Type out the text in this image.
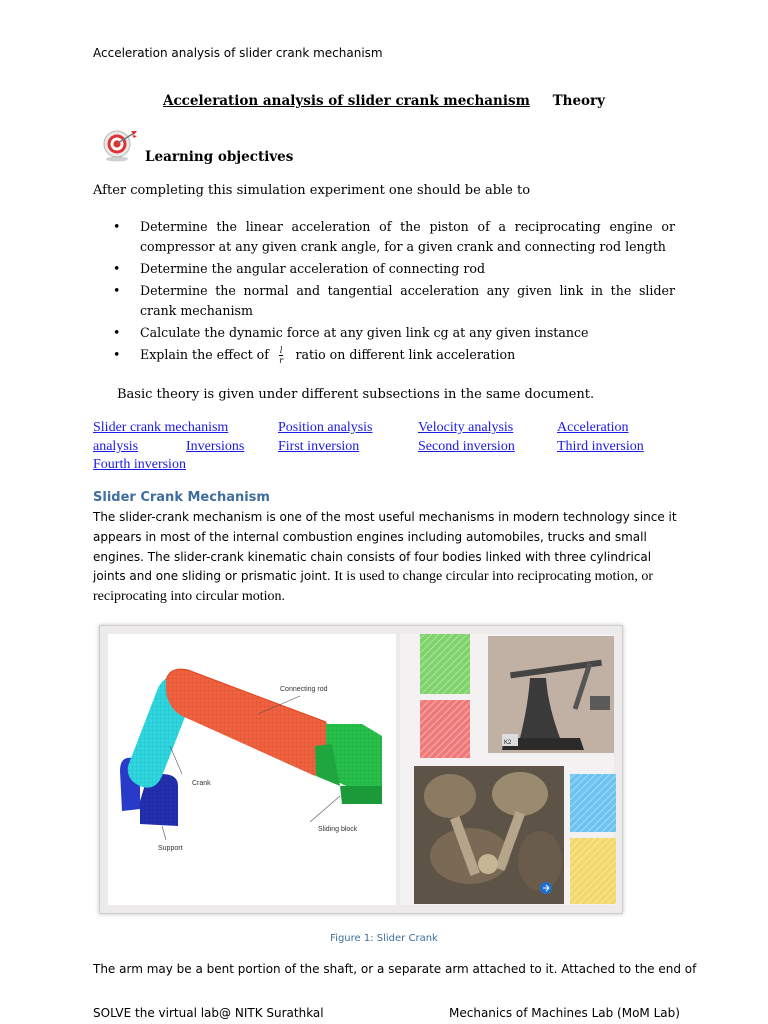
Acceleration analysis of slider crank mechanism
Acceleration analysis of slider crank mechanism Theory
Learning objectives
After completing this simulation experiment one should be able to
• Determine the linear acceleration of the piston of a reciprocating engine or compressor at any given crank angle, for a given crank and connecting rod length
• Determine the angular acceleration of connecting rod
• Determine the normal and tangential acceleration any given link in the slider crank mechanism
• Calculate the dynamic force at any given link cg at any given instance
• Explain the effect of $\frac{l}{r}$ ratio on different link acceleration
Basic theory is given under different subsections in the same document.
Slider crank mechanism	Position analysis	Velocity analysis	Acceleration
analysis	Inversions First inversion	Second inversion	Third inversion
Fourth inversion
Slider Crank Mechanism
The slider-crank mechanism is one of the most useful mechanisms in modern technology since it appears in most of the internal combustion engines including automobiles, trucks and small engines. The slider-crank kinematic chain consists of four bodies linked with three cylindrical joints and one sliding or prismatic joint. It is used to change circular into reciprocating motion, or reciprocating into circular motion.
Connecting rod
Crank
Sliding block
Support
K2
Figure 1: Slider Crank
The arm may be a bent portion of the shaft, or a separate arm attached to it. Attached to the end of
SOLVE the virtual lab@ NITK Surathkal	Mechanics of Machines Lab (MoM Lab)
